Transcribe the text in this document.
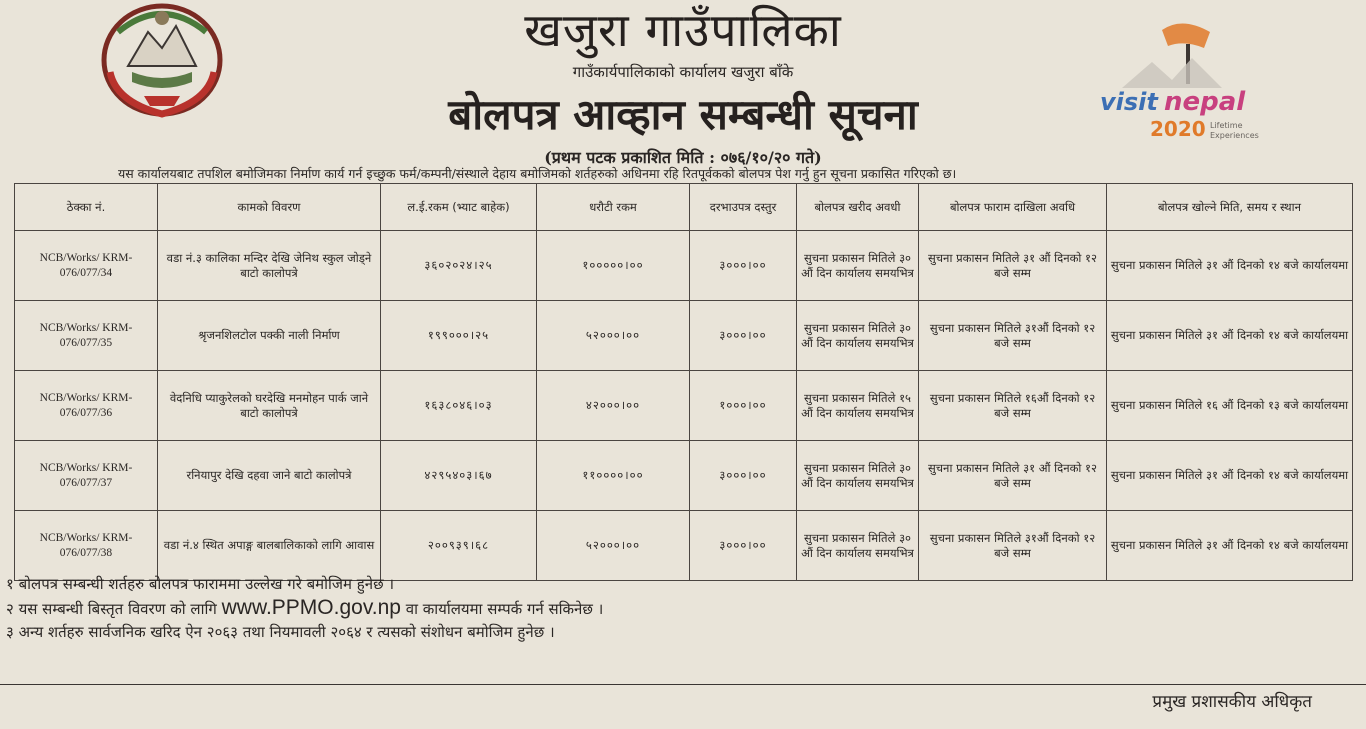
खजुरा गाउँपालिका
गाउँकार्यपालिकाको कार्यालय खजुरा बाँके
बोलपत्र आव्हान सम्बन्धी सूचना
(प्रथम पटक प्रकाशित मिति : ०७६/१०/२० गते)
visit nepal
2020 Lifetime
Experiences
यस कार्यालयबाट तपशिल बमोजिमका निर्माण कार्य गर्न इच्छुक फर्म/कम्पनी/संस्थाले देहाय बमोजिमको शर्तहरुको अधिनमा रहि रितपूर्वकको बोलपत्र पेश गर्नु हुन सूचना प्रकासित गरिएको छ।
ठेक्का नं.	कामको विवरण	ल.ई.रकम (भ्याट बाहेक)	धरौटी रकम	दरभाउपत्र दस्तुर	बोलपत्र खरीद अवधी	बोलपत्र फाराम दाखिला अवधि	बोलपत्र खोल्ने मिति, समय र स्थान
NCB/Works/ KRM- 076/077/34	वडा नं.३ कालिका मन्दिर देखि जेनिथ स्कुल जोड्ने बाटो कालोपत्रे	३६०२०२४।२५	१०००००।००	३०००।००	सुचना प्रकासन मितिले ३० औं दिन कार्यालय समयभित्र	सुचना प्रकासन मितिले ३१ औं दिनको १२ बजे सम्म	सुचना प्रकासन मितिले ३१ औं दिनको १४ बजे कार्यालयमा
NCB/Works/ KRM- 076/077/35	श्रृजनशिलटोल पक्की नाली निर्माण	१९९०००।२५	५२०००।००	३०००।००	सुचना प्रकासन मितिले ३० औं दिन कार्यालय समयभित्र	सुचना प्रकासन मितिले ३१औं दिनको १२ बजे सम्म	सुचना प्रकासन मितिले ३१ औं दिनको १४ बजे कार्यालयमा
NCB/Works/ KRM- 076/077/36	वेदनिधि प्याकुरेलको घरदेखि मनमोहन पार्क जाने बाटो कालोपत्रे	१६३८०४६।०३	४२०००।००	१०००।००	सुचना प्रकासन मितिले १५ औं दिन कार्यालय समयभित्र	सुचना प्रकासन मितिले १६औं दिनको १२ बजे सम्म	सुचना प्रकासन मितिले १६ औं दिनको १३ बजे कार्यालयमा
NCB/Works/ KRM- 076/077/37	रनियापुर देखि दहवा जाने बाटो कालोपत्रे	४२९५४०३।६७	११००००।००	३०००।००	सुचना प्रकासन मितिले ३० औं दिन कार्यालय समयभित्र	सुचना प्रकासन मितिले ३१ औं दिनको १२ बजे सम्म	सुचना प्रकासन मितिले ३१ औं दिनको १४ बजे कार्यालयमा
NCB/Works/ KRM- 076/077/38	वडा नं.४ स्थित अपाङ्ग बालबालिकाको लागि आवास	२००९३९।६८	५२०००।००	३०००।००	सुचना प्रकासन मितिले ३० औं दिन कार्यालय समयभित्र	सुचना प्रकासन मितिले ३१औं दिनको १२ बजे सम्म	सुचना प्रकासन मितिले ३१ औं दिनको १४ बजे कार्यालयमा
१ बोलपत्र सम्बन्धी शर्तहरु बोलपत्र फाराममा उल्लेख गरे बमोजिम हुनेछ ।
२ यस सम्बन्धी बिस्तृत विवरण को लागि www.PPMO.gov.np वा कार्यालयमा सम्पर्क गर्न सकिनेछ ।
३ अन्य शर्तहरु सार्वजनिक खरिद ऐन २०६३ तथा नियमावली २०६४ र त्यसको संशोधन बमोजिम हुनेछ ।
प्रमुख प्रशासकीय अधिकृत
